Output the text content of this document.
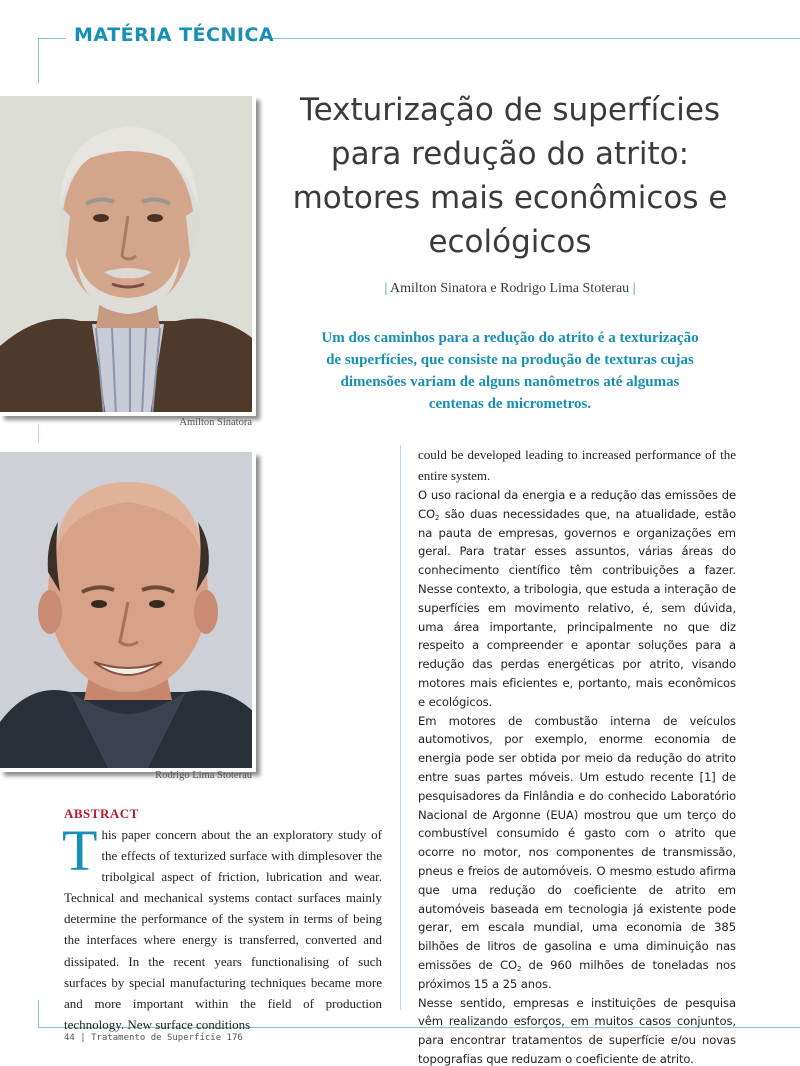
MATÉRIA TÉCNICA
Amilton Sinatora
Rodrigo Lima Stoterau
Texturização de superfícies
para redução do atrito:
motores mais econômicos e
ecológicos
| Amilton Sinatora e Rodrigo Lima Stoterau |
Um dos caminhos para a redução do atrito é a texturização
de superfícies, que consiste na produção de texturas cujas
dimensões variam de alguns nanômetros até algumas
centenas de micrometros.
ABSTRACT
This paper concern about the an exploratory study of the effects of texturized surface with dimplesover the tribolgical aspect of friction, lubrication and wear. Technical and mechanical systems contact surfaces mainly determine the performance of the system in terms of being the interfaces where energy is transferred, converted and dissipated. In the recent years functionalising of such surfaces by special manufacturing techniques became more and more important within the field of production technology. New surface conditions

could be developed leading to increased performance of the entire system.

O uso racional da energia e a redução das emissões de $CO_2$ são duas necessidades que, na atualidade, estão na pauta de empresas, governos e organizações em geral. Para tratar esses assuntos, várias áreas do conhecimento científico têm contribuições a fazer. Nesse contexto, a tribologia, que estuda a interação de superfícies em movimento relativo, é, sem dúvida, uma área importante, principalmente no que diz respeito a compreender e apontar soluções para a redução das perdas energéticas por atrito, visando motores mais eficientes e, portanto, mais econômicos e ecológicos.

Em motores de combustão interna de veículos automotivos, por exemplo, enorme economia de energia pode ser obtida por meio da redução do atrito entre suas partes móveis. Um estudo recente [1] de pesquisadores da Finlândia e do conhecido Laboratório Nacional de Argonne (EUA) mostrou que um terço do combustível consumido é gasto com o atrito que ocorre no motor, nos componentes de transmissão, pneus e freios de automóveis. O mesmo estudo afirma que uma redução do coeficiente de atrito em automóveis baseada em tecnologia já existente pode gerar, em escala mundial, uma economia de 385 bilhões de litros de gasolina e uma diminuição nas emissões de $CO_2$ de 960 milhões de toneladas nos próximos 15 a 25 anos.

Nesse sentido, empresas e instituições de pesquisa vêm realizando esforços, em muitos casos conjuntos, para encontrar tratamentos de superfície e/ou novas topografias que reduzam o coeficiente de atrito.

44 | Tratamento de Superfície 176
